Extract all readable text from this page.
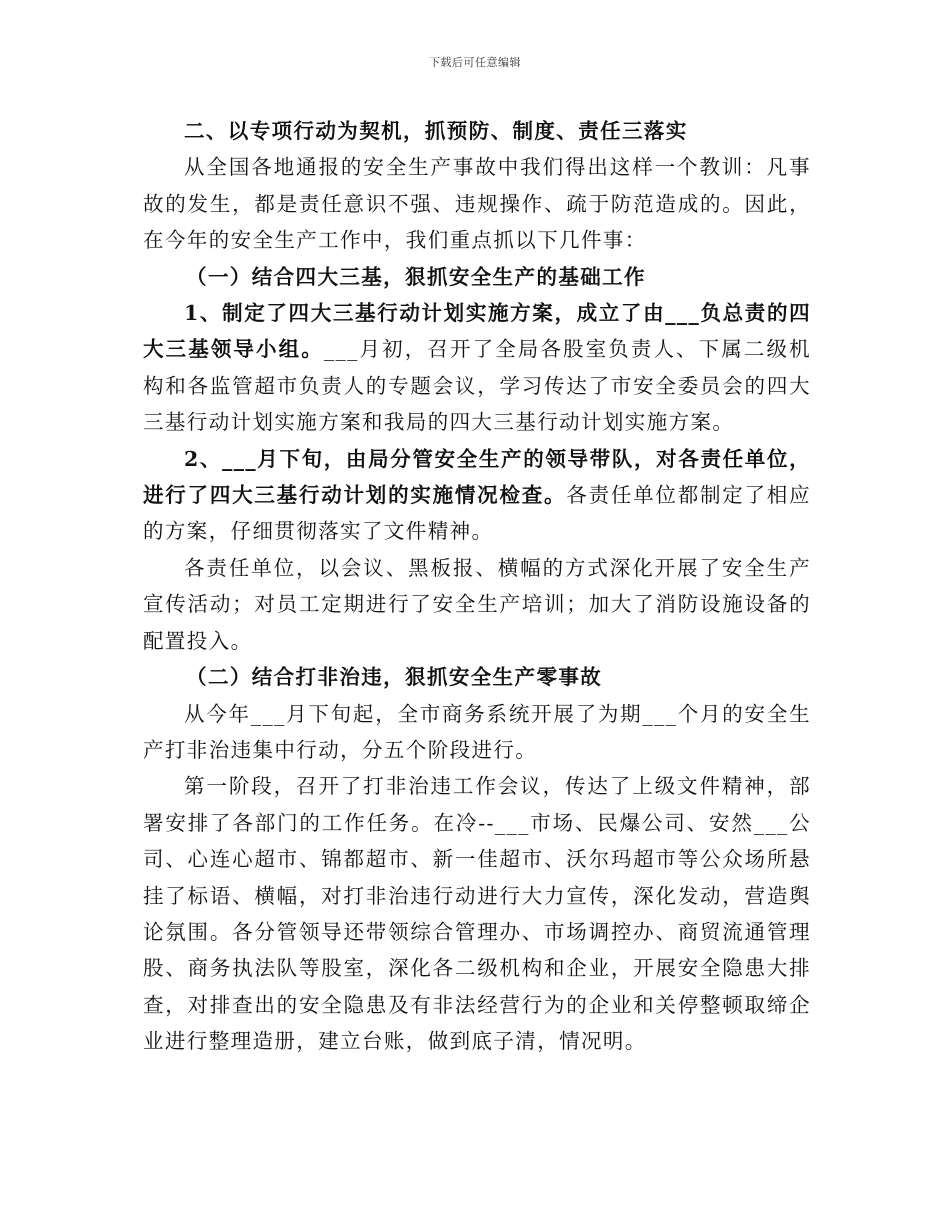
下载后可任意编辑

二、以专项行动为契机，抓预防、制度、责任三落实

从全国各地通报的安全生产事故中我们得出这样一个教训：凡事故的发生，都是责任意识不强、违规操作、疏于防范造成的。因此，在今年的安全生产工作中，我们重点抓以下几件事：

（一）结合四大三基，狠抓安全生产的基础工作

1、制定了四大三基行动计划实施方案，成立了由___负总责的四大三基领导小组。___月初，召开了全局各股室负责人、下属二级机构和各监管超市负责人的专题会议，学习传达了市安全委员会的四大三基行动计划实施方案和我局的四大三基行动计划实施方案。

2、___月下旬，由局分管安全生产的领导带队，对各责任单位，进行了四大三基行动计划的实施情况检查。各责任单位都制定了相应的方案，仔细贯彻落实了文件精神。

各责任单位，以会议、黑板报、横幅的方式深化开展了安全生产宣传活动；对员工定期进行了安全生产培训；加大了消防设施设备的配置投入。

（二）结合打非治违，狠抓安全生产零事故

从今年___月下旬起，全市商务系统开展了为期___个月的安全生产打非治违集中行动，分五个阶段进行。

第一阶段，召开了打非治违工作会议，传达了上级文件精神，部署安排了各部门的工作任务。在冷--___市场、民爆公司、安然___公司、心连心超市、锦都超市、新一佳超市、沃尔玛超市等公众场所悬挂了标语、横幅，对打非治违行动进行大力宣传，深化发动，营造舆论氛围。各分管领导还带领综合管理办、市场调控办、商贸流通管理股、商务执法队等股室，深化各二级机构和企业，开展安全隐患大排查，对排查出的安全隐患及有非法经营行为的企业和关停整顿取缔企业进行整理造册，建立台账，做到底子清，情况明。
